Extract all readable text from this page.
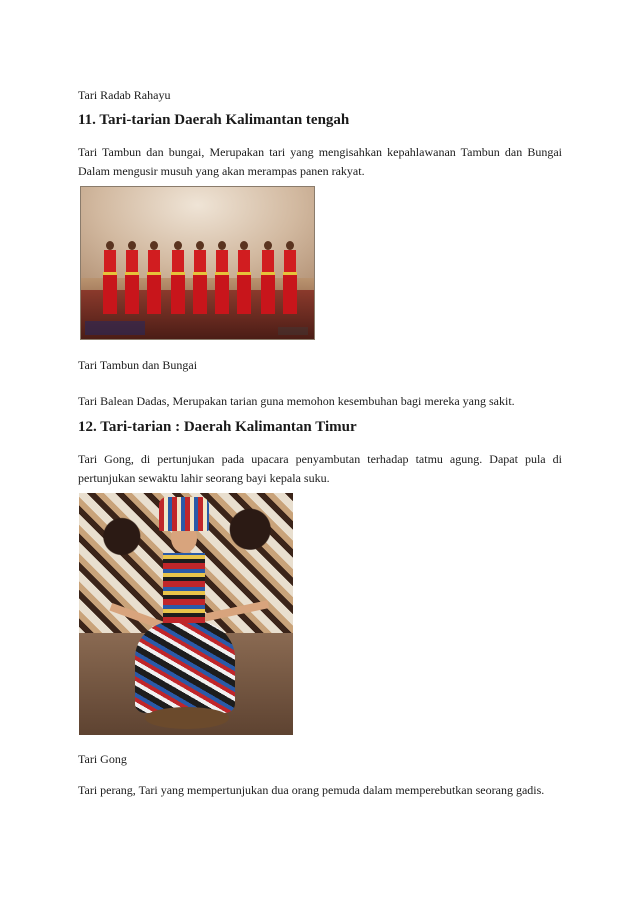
Tari Radab Rahayu
11. Tari-tarian Daerah Kalimantan tengah
Tari Tambun dan bungai, Merupakan tari yang mengisahkan kepahlawanan Tambun dan Bungai Dalam mengusir musuh yang akan merampas panen rakyat.
Tari Tambun dan Bungai
Tari Balean Dadas, Merupakan tarian guna memohon kesembuhan bagi mereka yang sakit.
12. Tari-tarian : Daerah Kalimantan Timur
Tari Gong, di pertunjukan pada upacara penyambutan terhadap tatmu agung. Dapat pula di pertunjukan sewaktu lahir seorang bayi kepala suku.
Tari Gong
Tari perang, Tari yang mempertunjukan dua orang pemuda dalam memperebutkan seorang gadis.
